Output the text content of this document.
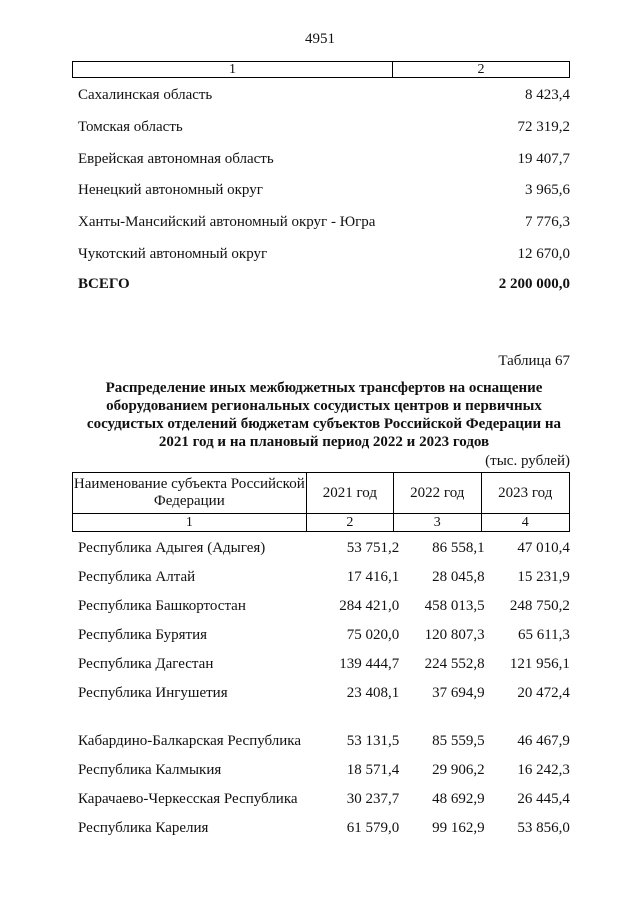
4951
1	2
Сахалинская область	8 423,4
Томская область	72 319,2
Еврейская автономная область	19 407,7
Ненецкий автономный округ	3 965,6
Ханты-Мансийский автономный округ - Югра	7 776,3
Чукотский автономный округ	12 670,0
ВСЕГО	2 200 000,0
Таблица 67
Распределение иных межбюджетных трансфертов на оснащение оборудованием региональных сосудистых центров и первичных сосудистых отделений бюджетам субъектов Российской Федерации на 2021 год и на плановый период 2022 и 2023 годов
(тыс. рублей)
Наименование субъекта Российской Федерации	2021 год	2022 год	2023 год
1	2	3	4
Республика Адыгея (Адыгея)	53 751,2	86 558,1	47 010,4
Республика Алтай	17 416,1	28 045,8	15 231,9
Республика Башкортостан	284 421,0	458 013,5	248 750,2
Республика Бурятия	75 020,0	120 807,3	65 611,3
Республика Дагестан	139 444,7	224 552,8	121 956,1
Республика Ингушетия	23 408,1	37 694,9	20 472,4
Кабардино-Балкарская Республика	53 131,5	85 559,5	46 467,9
Республика Калмыкия	18 571,4	29 906,2	16 242,3
Карачаево-Черкесская Республика	30 237,7	48 692,9	26 445,4
Республика Карелия	61 579,0	99 162,9	53 856,0
